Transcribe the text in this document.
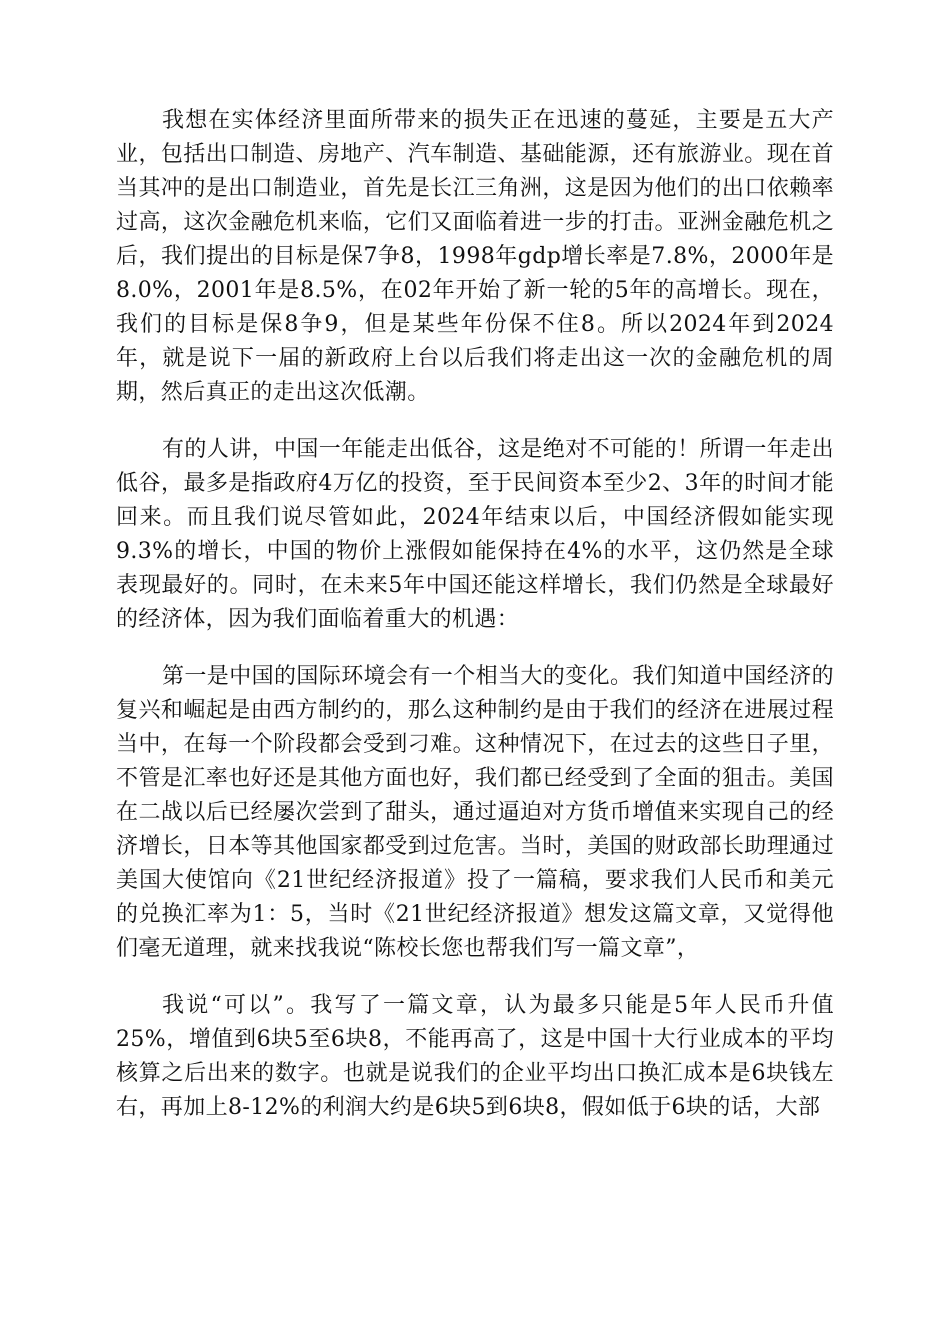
我想在实体经济里面所带来的损失正在迅速的蔓延，主要是五大产业，包括出口制造、房地产、汽车制造、基础能源，还有旅游业。现在首当其冲的是出口制造业，首先是长江三角洲，这是因为他们的出口依赖率过高，这次金融危机来临，它们又面临着进一步的打击。亚洲金融危机之后，我们提出的目标是保7争8，1998年gdp增长率是7.8%，2000年是8.0%，2001年是8.5%，在02年开始了新一轮的5年的高增长。现在，我们的目标是保8争9，但是某些年份保不住8。所以2024年到2024年，就是说下一届的新政府上台以后我们将走出这一次的金融危机的周期，然后真正的走出这次低潮。

有的人讲，中国一年能走出低谷，这是绝对不可能的！所谓一年走出低谷，最多是指政府4万亿的投资，至于民间资本至少2、3年的时间才能回来。而且我们说尽管如此，2024年结束以后，中国经济假如能实现9.3%的增长，中国的物价上涨假如能保持在4%的水平，这仍然是全球表现最好的。同时，在未来5年中国还能这样增长，我们仍然是全球最好的经济体，因为我们面临着重大的机遇：

第一是中国的国际环境会有一个相当大的变化。我们知道中国经济的复兴和崛起是由西方制约的，那么这种制约是由于我们的经济在进展过程当中，在每一个阶段都会受到刁难。这种情况下，在过去的这些日子里，不管是汇率也好还是其他方面也好，我们都已经受到了全面的狙击。美国在二战以后已经屡次尝到了甜头，通过逼迫对方货币增值来实现自己的经济增长，日本等其他国家都受到过危害。当时，美国的财政部长助理通过美国大使馆向《21世纪经济报道》投了一篇稿，要求我们人民币和美元的兑换汇率为1：5，当时《21世纪经济报道》想发这篇文章，又觉得他们毫无道理，就来找我说“陈校长您也帮我们写一篇文章”，

我说“可以”。我写了一篇文章，认为最多只能是5年人民币升值25%，增值到6块5至6块8，不能再高了，这是中国十大行业成本的平均核算之后出来的数字。也就是说我们的企业平均出口换汇成本是6块钱左右，再加上8-12%的利润大约是6块5到6块8，假如低于6块的话，大部
